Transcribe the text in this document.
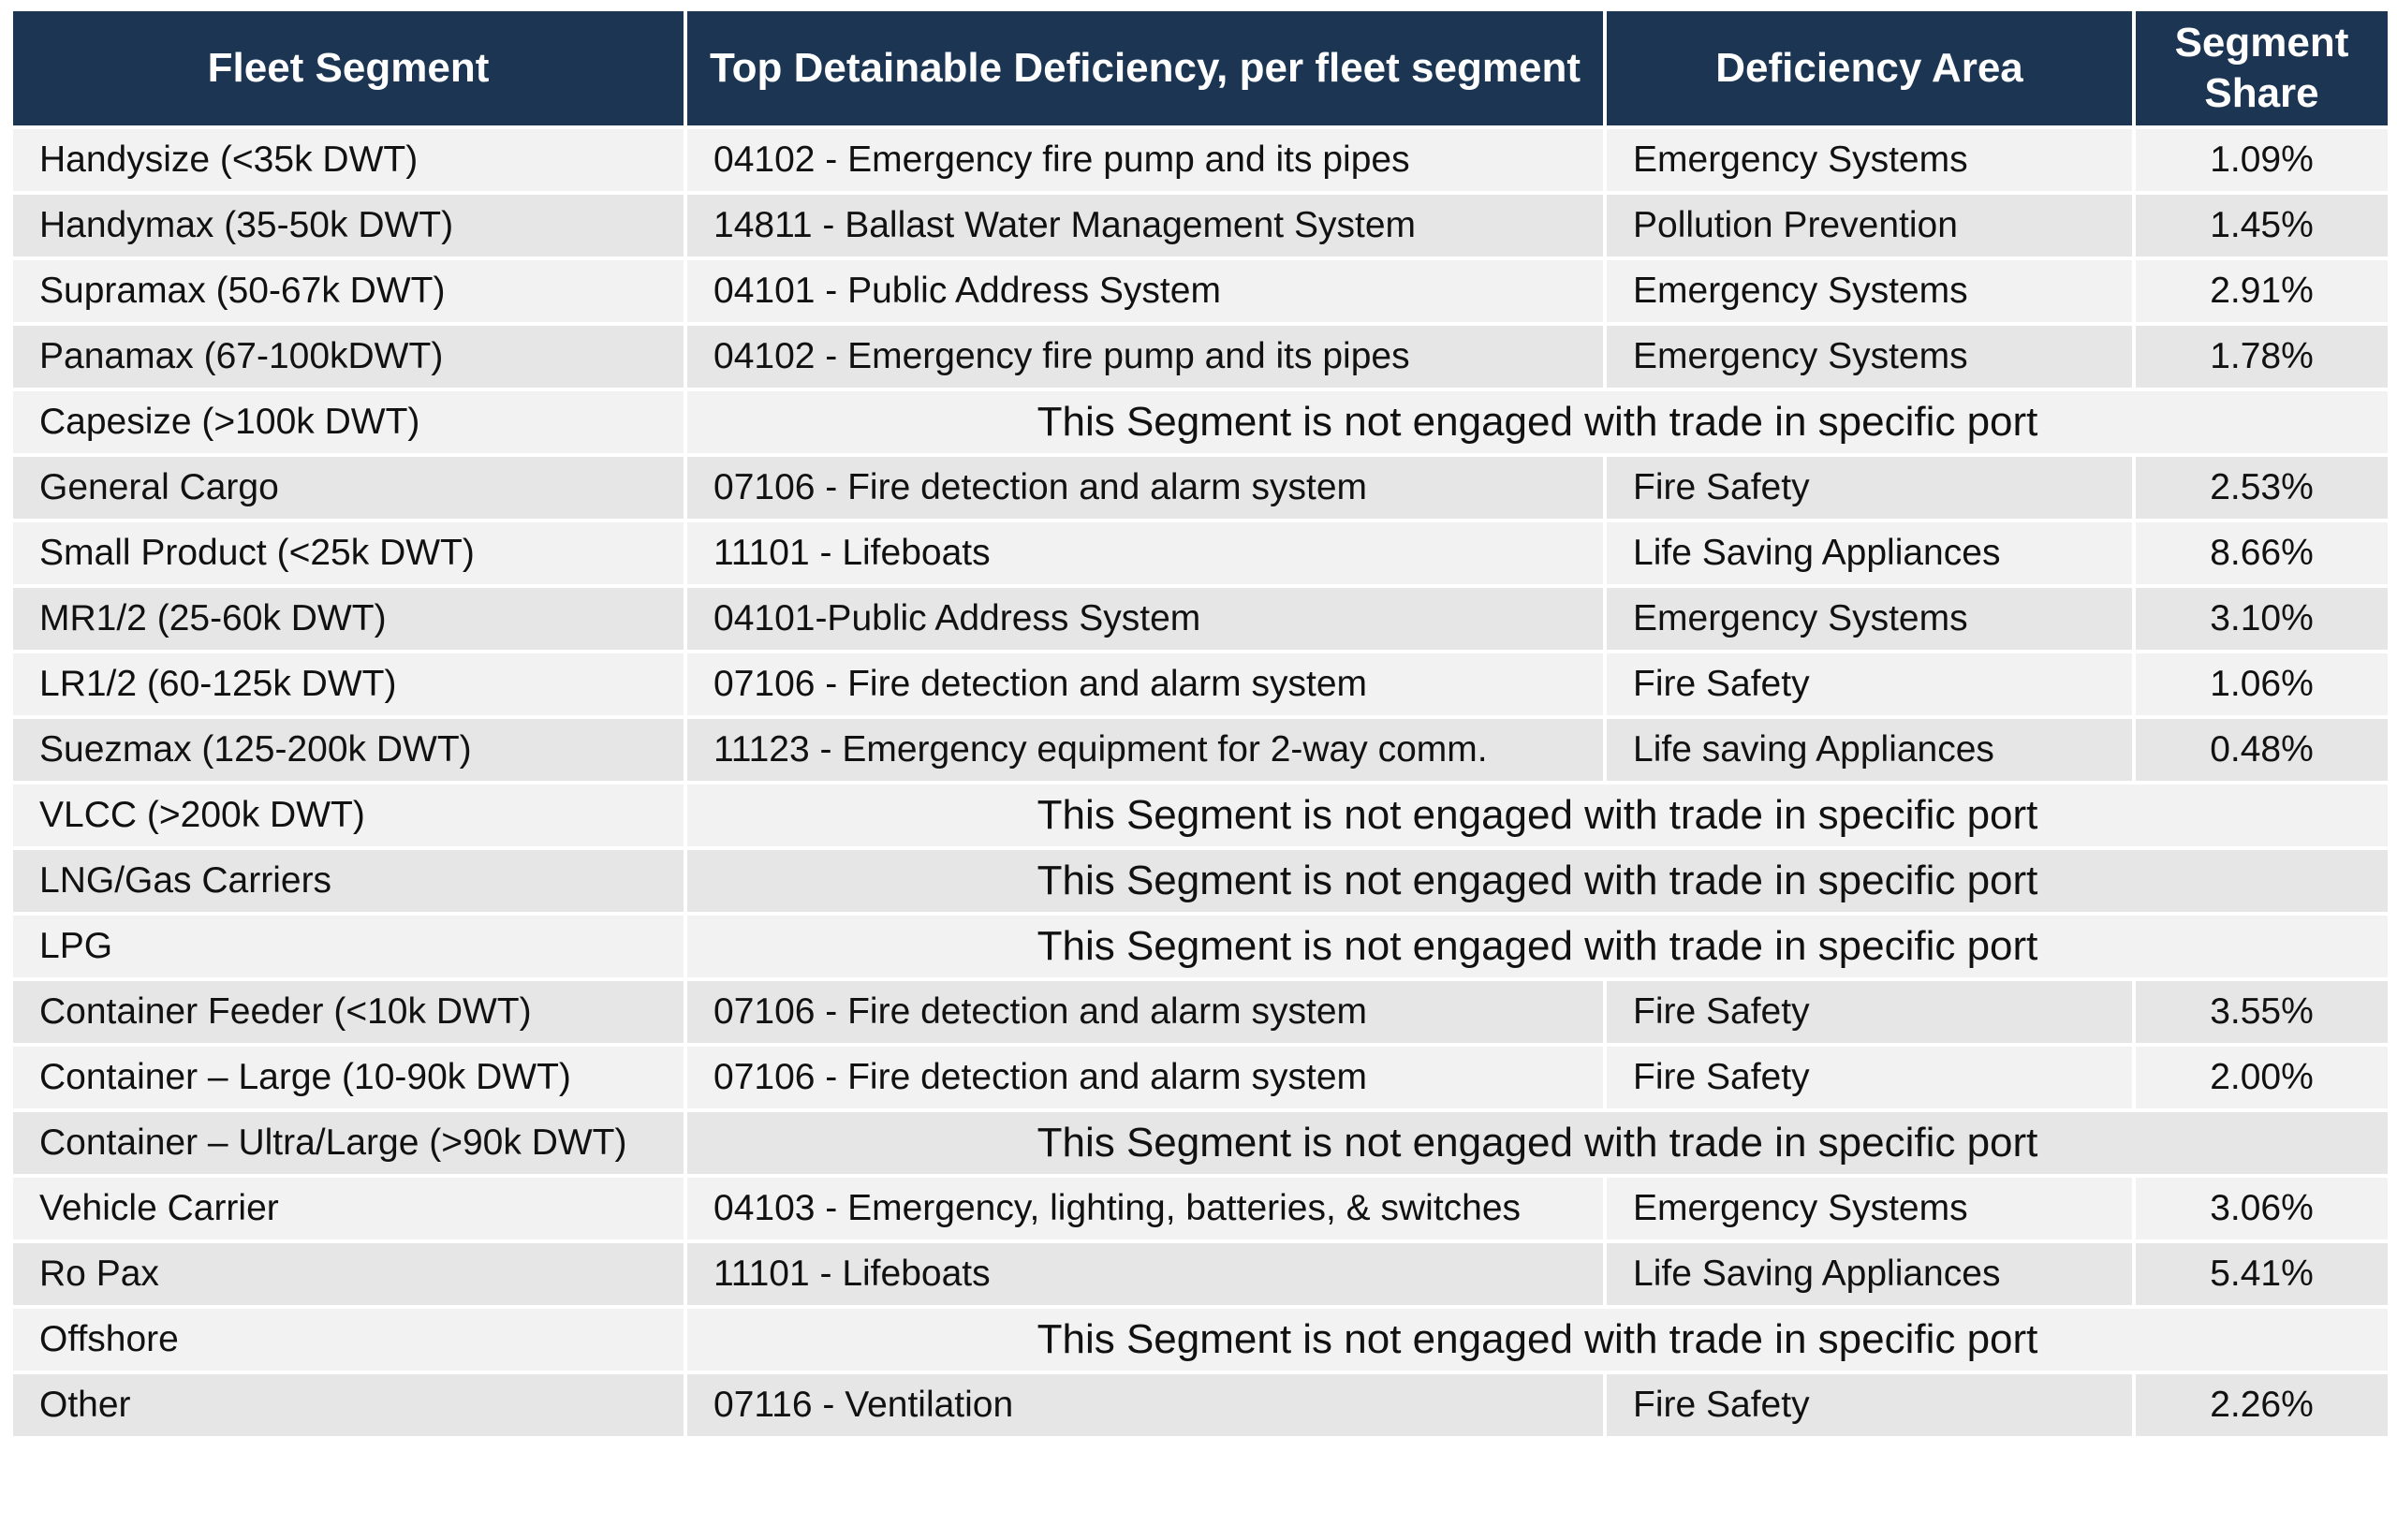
Fleet Segment	Top Detainable Deficiency, per fleet segment	Deficiency Area	Segment Share
Handysize (<35k DWT)	04102 - Emergency fire pump and its pipes	Emergency Systems	1.09%
Handymax (35-50k DWT)	14811 - Ballast Water Management System	Pollution Prevention	1.45%
Supramax (50-67k DWT)	04101 - Public Address System	Emergency Systems	2.91%
Panamax (67-100kDWT)	04102 - Emergency fire pump and its pipes	Emergency Systems	1.78%
Capesize (>100k DWT)	This Segment is not engaged with trade in specific port		
General Cargo	07106 - Fire detection and alarm system	Fire Safety	2.53%
Small Product (<25k DWT)	11101 - Lifeboats	Life Saving Appliances	8.66%
MR1/2 (25-60k DWT)	04101-Public Address System	Emergency Systems	3.10%
LR1/2 (60-125k DWT)	07106 - Fire detection and alarm system	Fire Safety	1.06%
Suezmax (125-200k DWT)	11123 - Emergency equipment for 2-way comm.	Life saving Appliances	0.48%
VLCC (>200k DWT)	This Segment is not engaged with trade in specific port		
LNG/Gas Carriers	This Segment is not engaged with trade in specific port		
LPG	This Segment is not engaged with trade in specific port		
Container Feeder (<10k DWT)	07106 - Fire detection and alarm system	Fire Safety	3.55%
Container – Large (10-90k DWT)	07106 - Fire detection and alarm system	Fire Safety	2.00%
Container – Ultra/Large (>90k DWT)	This Segment is not engaged with trade in specific port		
Vehicle Carrier	04103 - Emergency, lighting, batteries, & switches	Emergency Systems	3.06%
Ro Pax	11101 - Lifeboats	Life Saving Appliances	5.41%
Offshore	This Segment is not engaged with trade in specific port		
Other	07116 - Ventilation	Fire Safety	2.26%
